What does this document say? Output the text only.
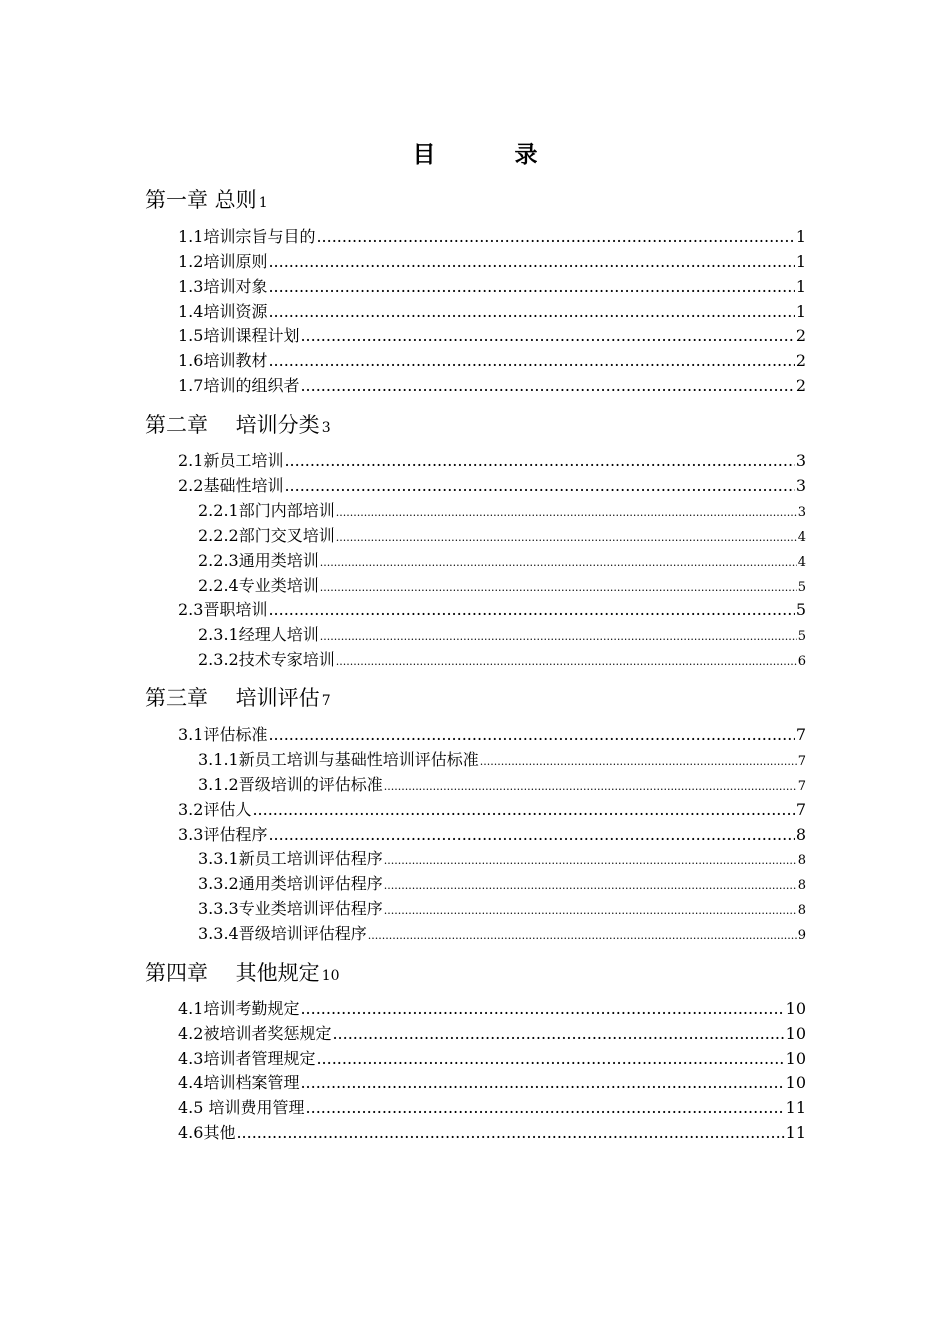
目　录
第一章 总则 1
1.1培训宗旨与目的 .....	1
1.2培训原则 .....	1
1.3培训对象 .....	1
1.4培训资源 .....	1
1.5培训课程计划 .....	2
1.6培训教材 .....	2
1.7培训的组织者 .....	2
第二章　 培训分类 3
2.1新员工培训 .....	3
2.2基础性培训 .....	3
2.2.1部门内部培训 .....	3
2.2.2部门交叉培训 .....	4
2.2.3通用类培训 .....	4
2.2.4专业类培训 .....	5
2.3晋职培训 .....	5
2.3.1经理人培训 .....	5
2.3.2技术专家培训 .....	6
第三章　 培训评估 7
3.1评估标准 .....	7
3.1.1新员工培训与基础性培训评估标准 .....	7
3.1.2晋级培训的评估标准 .....	7
3.2评估人 .....	7
3.3评估程序 .....	8
3.3.1新员工培训评估程序 .....	8
3.3.2通用类培训评估程序 .....	8
3.3.3专业类培训评估程序 .....	8
3.3.4晋级培训评估程序 .....	9
第四章　 其他规定 10
4.1培训考勤规定 .....	10
4.2被培训者奖惩规定 .....	10
4.3培训者管理规定 .....	10
4.4培训档案管理 .....	10
4.5 培训费用管理 .....	11
4.6其他 .....	11
